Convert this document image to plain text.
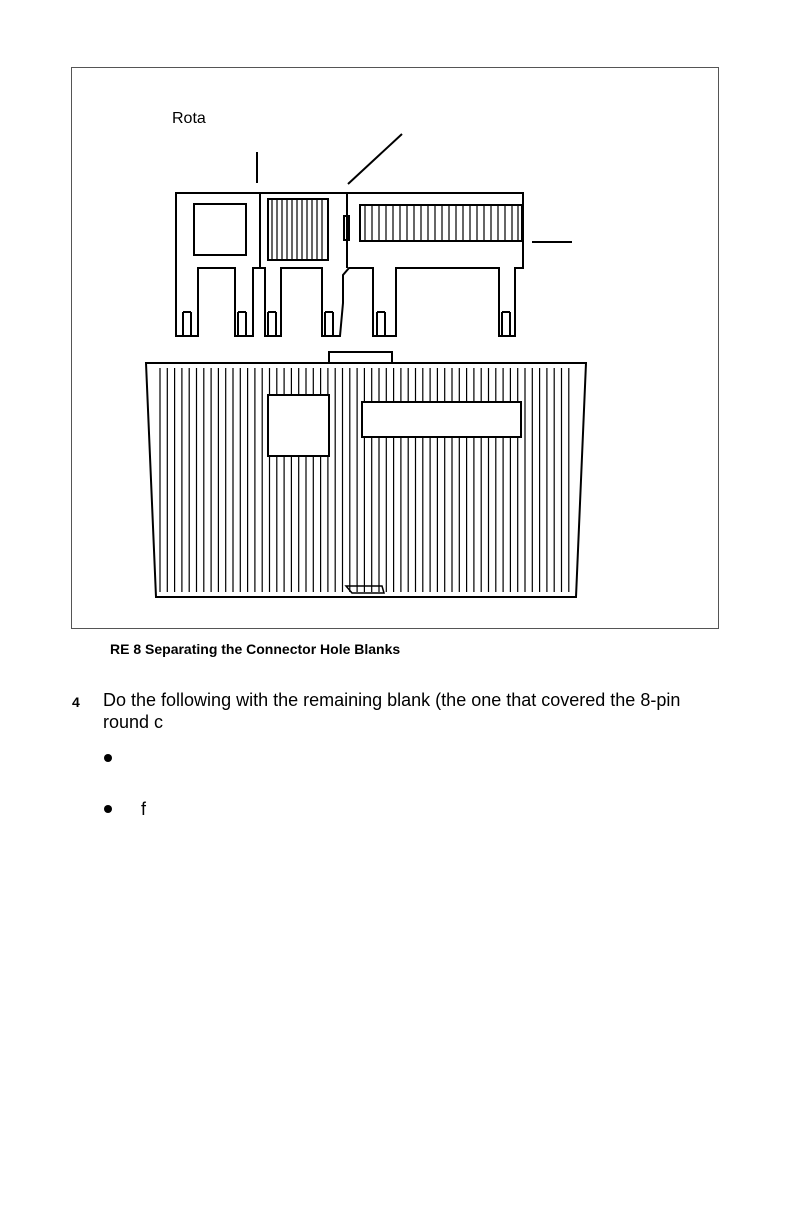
Rota
RE 8 Separating the Connector Hole Blanks
4 Do the following with the remaining blank (the one that covered the 8-pin round c
f
